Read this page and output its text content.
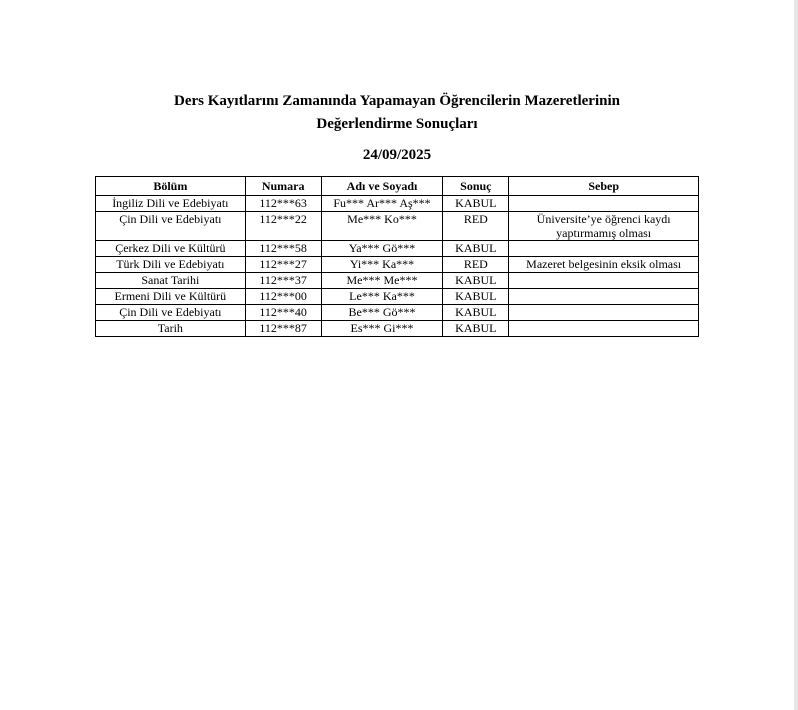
Ders Kayıtlarını Zamanında Yapamayan Öğrencilerin Mazeretlerinin
Değerlendirme Sonuçları
24/09/2025
Bölüm	Numara	Adı ve Soyadı	Sonuç	Sebep
İngiliz Dili ve Edebiyatı	112***63	Fu*** Ar*** Aş***	KABUL	
Çin Dili ve Edebiyatı	112***22	Me*** Ko***	RED	Üniversite’ye öğrenci kaydı yaptırmamış olması
Çerkez Dili ve Kültürü	112***58	Ya*** Gö***	KABUL	
Türk Dili ve Edebiyatı	112***27	Yi*** Ka***	RED	Mazeret belgesinin eksik olması
Sanat Tarihi	112***37	Me*** Me***	KABUL	
Ermeni Dili ve Kültürü	112***00	Le*** Ka***	KABUL	
Çin Dili ve Edebiyatı	112***40	Be*** Gö***	KABUL	
Tarih	112***87	Es*** Gi***	KABUL	
